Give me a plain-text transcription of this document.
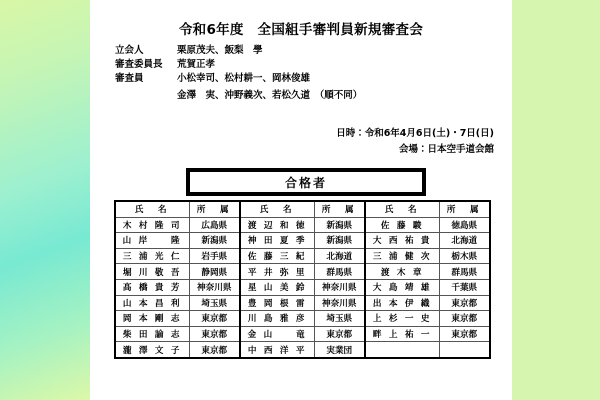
令和6年度　全国組手審判員新規審査会
立会人	栗原茂夫、飯梨　學
審査委員長	荒賀正孝
審査員	小松幸司、松村耕一、岡林俊雄
金澤　実、沖野義次、若松久道　（順不同）
日時：令和6年4月6日(土)・7日(日)
会場：日本空手道会館
合格者
氏　名	所　属	氏　名	所　属	氏　名	所　属
木 村 隆 司	広島県	渡 辺 和 徳	新潟県	佐 藤 駿	徳島県
山 岸　　隆	新潟県	神 田 夏 季	新潟県	大 西 祐 貴	北海道
三 浦 光 仁	岩手県	佐 藤 三 紀	北海道	三 浦 健 次	栃木県
堀 川 敬 吾	静岡県	平 井 弥 里	群馬県	渡 木 章	群馬県
髙 橋 貴 芳	神奈川県	星 山 美 鈴	神奈川県	大 島 靖 雄	千葉県
山 本 昌 利	埼玉県	豊 岡 根 雷	神奈川県	出 本 伊 織	東京都
岡 本 剛 志	東京都	川 島 雅 彦	埼玉県	上 杉 一 史	東京都
柴 田 諭 志	東京都	金 山　　竜	東京都	畔 上 祐 一	東京都
瀧 澤 文 子	東京都	中 西 洋 平	実業団		
